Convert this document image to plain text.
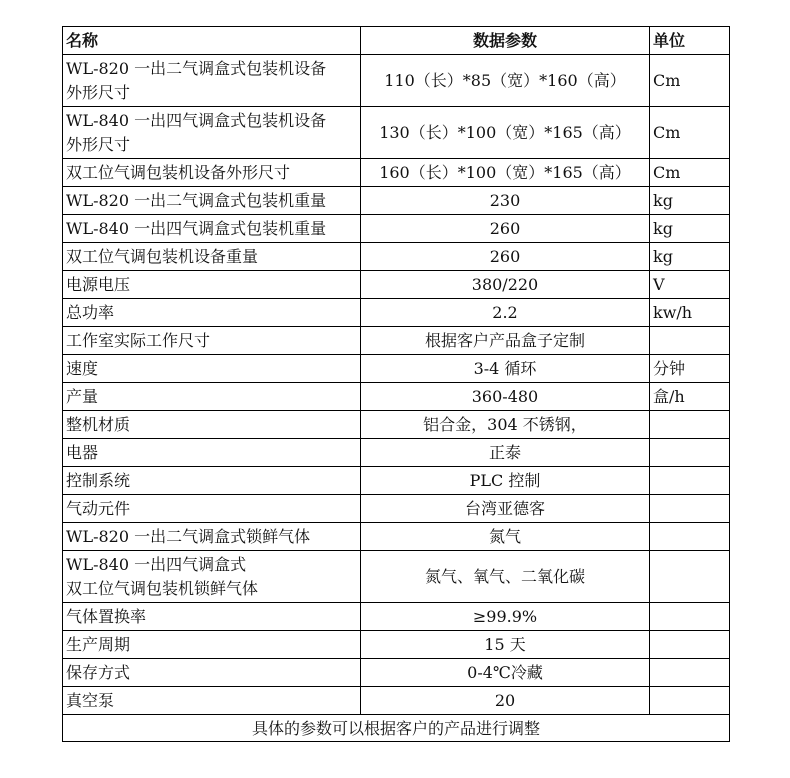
名称	数据参数	单位

WL-820 一出二气调盒式包装机设备
外形尺寸	110（长）*85（宽）*160（高）	Cm

WL-840 一出四气调盒式包装机设备
外形尺寸	130（长）*100（宽）*165（高）	Cm
双工位气调包装机设备外形尺寸	160（长）*100（宽）*165（高）	Cm
WL-820 一出二气调盒式包装机重量	230	kg
WL-840 一出四气调盒式包装机重量	260	kg
双工位气调包装机设备重量	260	kg
电源电压	380/220	V
总功率	2.2	kw/h
工作室实际工作尺寸	根据客户产品盒子定制	
速度	3-4 循环	分钟
产量	360-480	盒/h
整机材质	铝合金，304 不锈钢，	
电器	正泰	
控制系统	PLC 控制	
气动元件	台湾亚德客	
WL-820 一出二气调盒式锁鲜气体	氮气	

WL-840 一出四气调盒式
双工位气调包装机锁鲜气体	氮气、氧气、二氧化碳	
气体置换率	≥99.9%	
生产周期	15 天	
保存方式	0-4℃冷藏	
真空泵	20	
具体的参数可以根据客户的产品进行调整		
